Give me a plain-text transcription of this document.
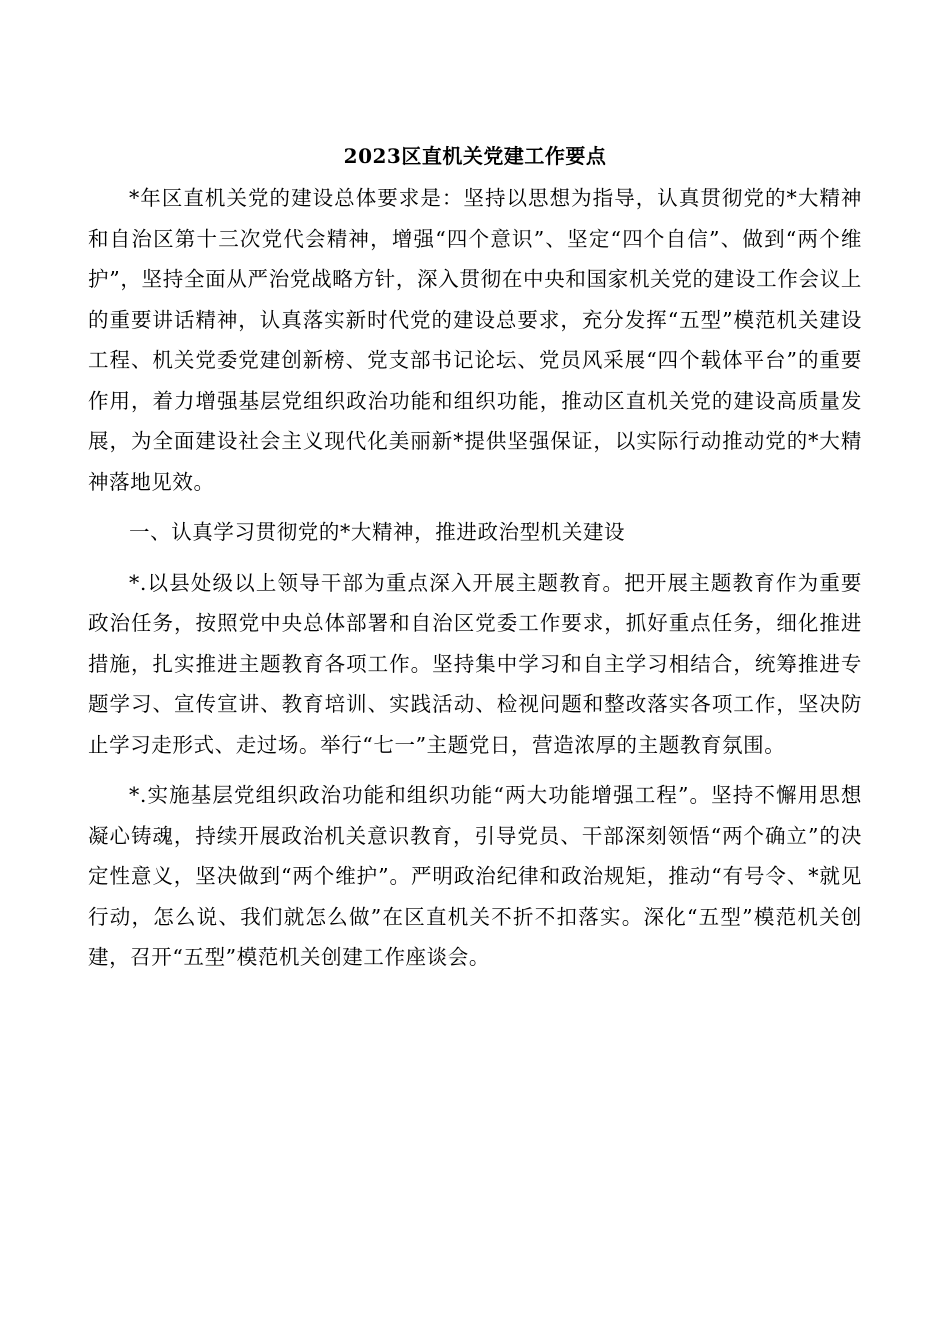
2023区直机关党建工作要点

*年区直机关党的建设总体要求是：坚持以思想为指导，认真贯彻党的*大精神和自治区第十三次党代会精神，增强“四个意识”、坚定“四个自信”、做到“两个维护”，坚持全面从严治党战略方针，深入贯彻在中央和国家机关党的建设工作会议上的重要讲话精神，认真落实新时代党的建设总要求，充分发挥“五型”模范机关建设工程、机关党委党建创新榜、党支部书记论坛、党员风采展“四个载体平台”的重要作用，着力增强基层党组织政治功能和组织功能，推动区直机关党的建设高质量发展，为全面建设社会主义现代化美丽新*提供坚强保证，以实际行动推动党的*大精神落地见效。

一、认真学习贯彻党的*大精神，推进政治型机关建设

*.以县处级以上领导干部为重点深入开展主题教育。把开展主题教育作为重要政治任务，按照党中央总体部署和自治区党委工作要求，抓好重点任务，细化推进措施，扎实推进主题教育各项工作。坚持集中学习和自主学习相结合，统筹推进专题学习、宣传宣讲、教育培训、实践活动、检视问题和整改落实各项工作，坚决防止学习走形式、走过场。举行“七一”主题党日，营造浓厚的主题教育氛围。

*.实施基层党组织政治功能和组织功能“两大功能增强工程”。坚持不懈用思想凝心铸魂，持续开展政治机关意识教育，引导党员、干部深刻领悟“两个确立”的决定性意义，坚决做到“两个维护”。严明政治纪律和政治规矩，推动“有号令、*就见行动，怎么说、我们就怎么做”在区直机关不折不扣落实。深化“五型”模范机关创建，召开“五型”模范机关创建工作座谈会。
